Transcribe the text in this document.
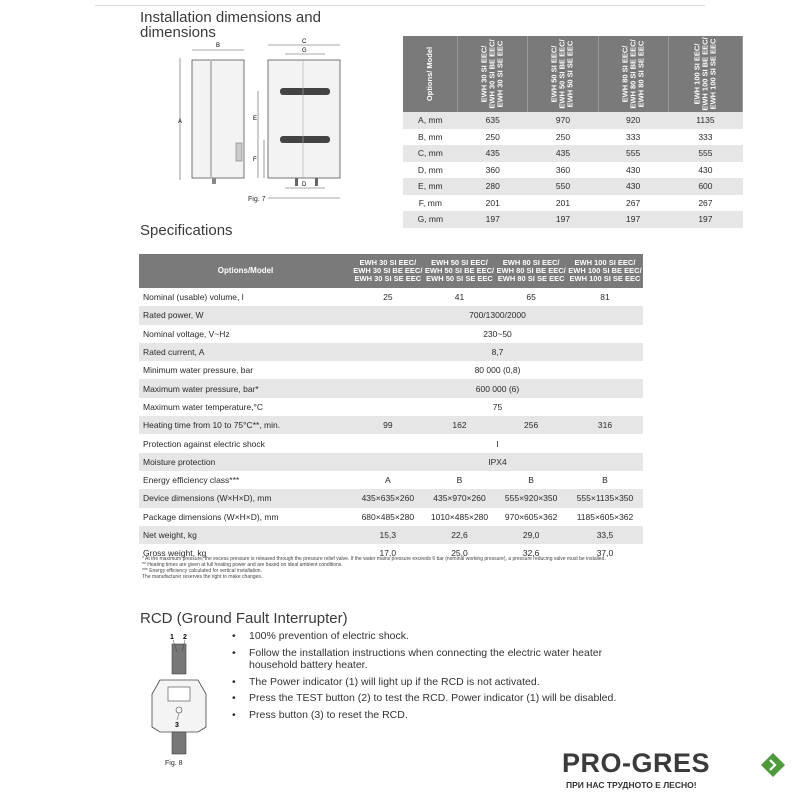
Installation dimensions and
dimensions
B
C
G
A	E
F
D
Fig. 7
Options/ Model	EWH 30 SI EEC/
EWH 30 SI BE EEC/
EWH 30 SI SE EEC	EWH 50 SI EEC/
EWH 50 SI BE EEC/
EWH 50 SI SE EEC	EWH 80 SI EEC/
EWH 80 SI BE EEC/
EWH 80 SI SE EEC	EWH 100 SI EEC/
EWH 100 SI BE EEC/
EWH 100 SI SE EEC

A, mm	635	970	920	1135
B, mm	250	250	333	333
C, mm	435	435	555	555
D, mm	360	360	430	430
E, mm	280	550	430	600
F, mm	201	201	267	267
G, mm	197	197	197	197
Specifications
Options/Model	EWH 30 SI EEC/
EWH 30 SI BE EEC/
EWH 30 SI SE EEC	EWH 50 SI EEC/
EWH 50 SI BE EEC/
EWH 50 SI SE EEC	EWH 80 SI EEC/
EWH 80 SI BE EEC/
EWH 80 SI SE EEC	EWH 100 SI EEC/
EWH 100 SI BE EEC/
EWH 100 SI SE EEC
Nominal (usable) volume, l	25	41	65	81
Rated power, W	700/1300/2000			
Nominal voltage, V~Hz	230~50			
Rated current, A	8,7			
Minimum water pressure, bar	80 000 (0,8)			
Maximum water pressure, bar*	600 000 (6)			
Maximum water temperature,°C	75			
Heating time from 10 to 75°C**, min.	99	162	256	316
Protection against electric shock	I			
Moisture protection	IPX4			
Energy efficiency class***	A	B	B	B
Device dimensions (W×H×D), mm	435×635×260	435×970×260	555×920×350	555×1135×350
Package dimensions (W×H×D), mm	680×485×280	1010×485×280	970×605×362	1185×605×362
Net weight, kg	15,3	22,6	29,0	33,5
Gross weight, kg	17,0	25,0	32,6	37,0
* At the maximum pressure, the excess pressure is released through the pressure relief valve. If the water mains pressure exceeds 6 bar (nominal working pressure), a pressure reducing valve must be installed.
** Heating times are given at full heating power and are based on ideal ambient conditions.
*** Energy efficiency calculated for vertical installation.
The manufacturer reserves the right to make changes.
RCD (Ground Fault Interrupter)
1 2
3
Fig. 8
• 100% prevention of electric shock.
• Follow the installation instructions when connecting the electric water heater household battery heater.
• The Power indicator (1) will light up if the RCD is not activated.
• Press the TEST button (2) to test the RCD. Power indicator (1) will be disabled.
• Press button (3) to reset the RCD.
PRO-GRES
ПРИ НАС ТРУДНОТО Е ЛЕСНО!
